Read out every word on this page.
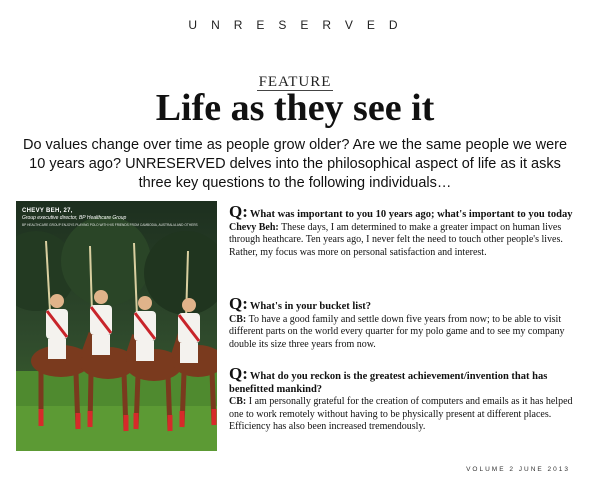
UNRESERVED
FEATURE
Life as they see it
Do values change over time as people grow older? Are we the same people we were 10 years ago? UNRESERVED delves into the philosophical aspect of life as it asks three key questions to the following individuals…
CHEVY BEH, 27,
Group executive director, BP Healthcare Group
BP HEALTHCARE GROUP ENJOYS PLAYING POLO WITH HIS FRIENDS FROM CAMBODIA, AUSTRALIA AND OTHERS
Q: What was important to you 10 years ago; what's important to you today
Chevy Beh: These days, I am determined to make a greater impact on human lives through heathcare. Ten years ago, I never felt the need to touch other people's lives. Rather, my focus was more on personal satisfaction and interest.
Q: What's in your bucket list?
CB: To have a good family and settle down five years from now; to be able to visit different parts on the world every quarter for my polo game and to see my company double its size three years from now.
Q: What do you reckon is the greatest achievement/invention that has benefitted mankind?
CB: I am personally grateful for the creation of computers and emails as it has helped one to work remotely without having to be physically present at different places. Efficiency has also been increased tremendously.
VOLUME 2 JUNE 2013
